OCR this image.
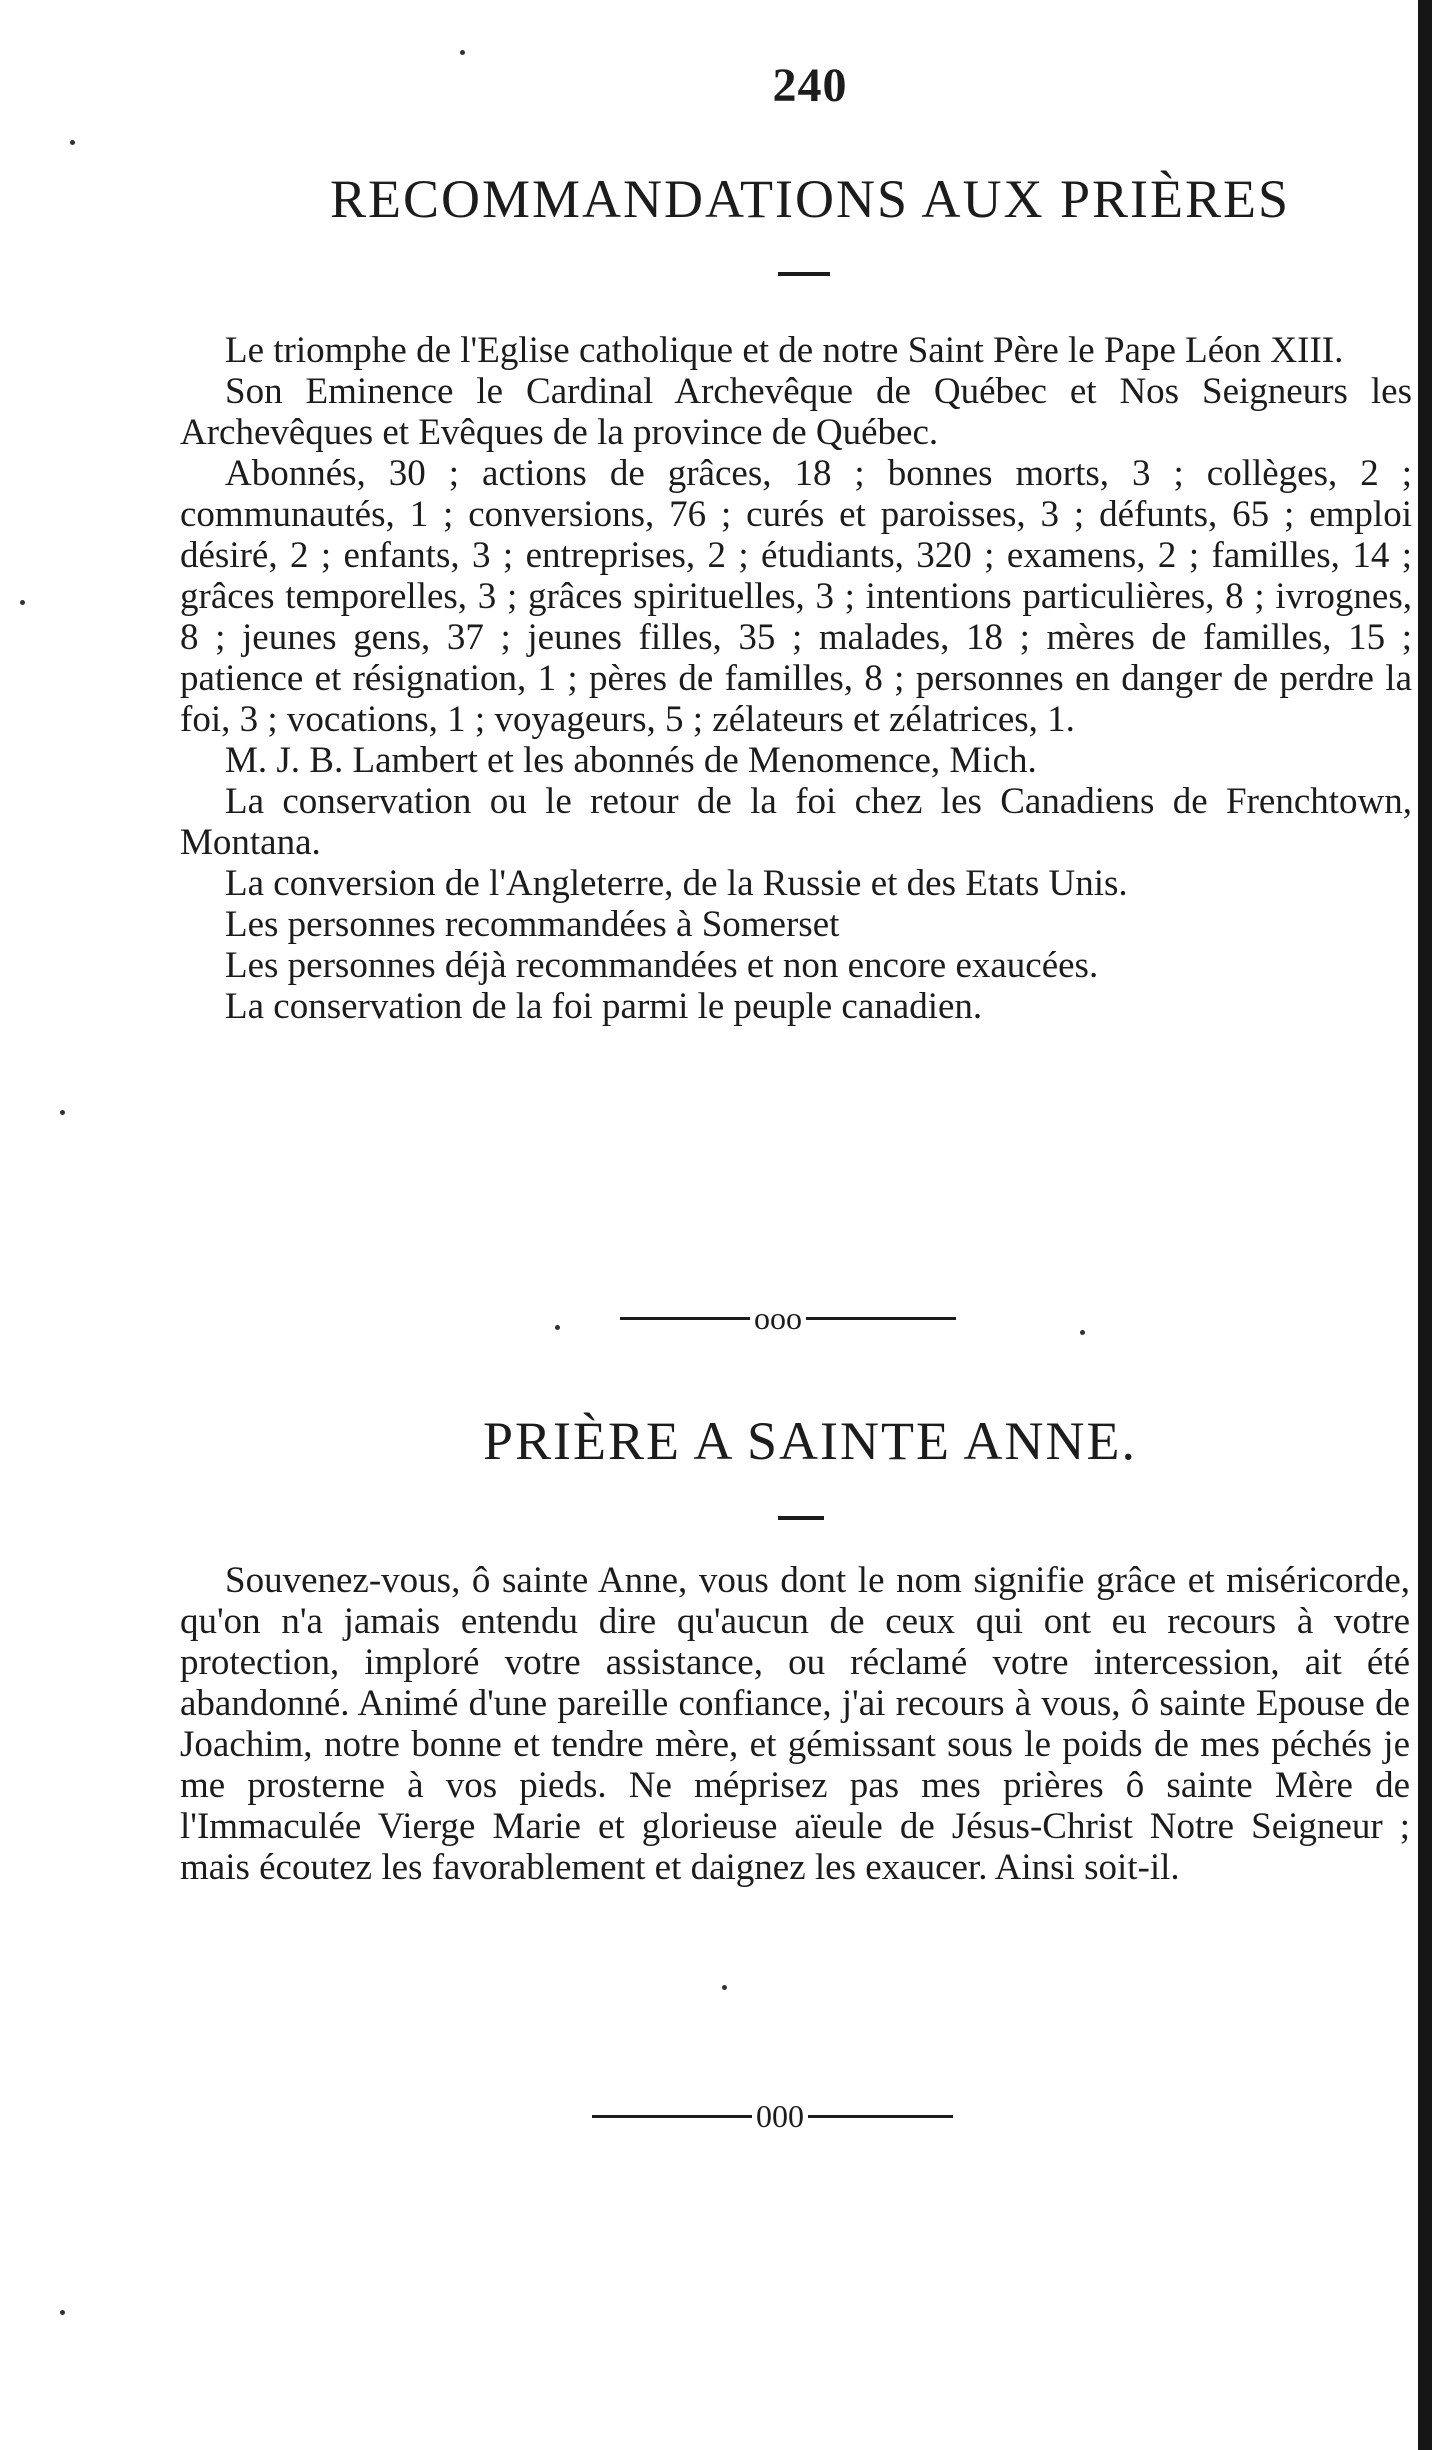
240
RECOMMANDATIONS AUX PRIÈRES

Le triomphe de l'Eglise catholique et de notre Saint Père le Pape Léon XIII.

Son Eminence le Cardinal Archevêque de Québec et Nos Seigneurs les Archevêques et Evêques de la province de Québec.

Abonnés, 30 ; actions de grâces, 18 ; bonnes morts, 3 ; collèges, 2 ; communautés, 1 ; conversions, 76 ; curés et paroisses, 3 ; défunts, 65 ; emploi désiré, 2 ; enfants, 3 ; entreprises, 2 ; étudiants, 320 ; examens, 2 ; familles, 14 ; grâces temporelles, 3 ; grâces spirituelles, 3 ; intentions particulières, 8 ; ivrognes, 8 ; jeunes gens, 37 ; jeunes filles, 35 ; malades, 18 ; mères de familles, 15 ; patience et résignation, 1 ; pères de familles, 8 ; personnes en danger de perdre la foi, 3 ; vocations, 1 ; voyageurs, 5 ; zélateurs et zélatrices, 1.

M. J. B. Lambert et les abonnés de Menomence, Mich.

La conservation ou le retour de la foi chez les Canadiens de Frenchtown, Montana.

La conversion de l'Angleterre, de la Russie et des Etats Unis.

Les personnes recommandées à Somerset

Les personnes déjà recommandées et non encore exaucées.

La conservation de la foi parmi le peuple canadien.

ooo
PRIÈRE A SAINTE ANNE.

Souvenez-vous, ô sainte Anne, vous dont le nom signifie grâce et miséricorde, qu'on n'a jamais entendu dire qu'aucun de ceux qui ont eu recours à votre protection, imploré votre assistance, ou réclamé votre intercession, ait été abandonné. Animé d'une pareille confiance, j'ai recours à vous, ô sainte Epouse de Joachim, notre bonne et tendre mère, et gémissant sous le poids de mes péchés je me prosterne à vos pieds. Ne méprisez pas mes prières ô sainte Mère de l'Immaculée Vierge Marie et glorieuse aïeule de Jésus-Christ Notre Seigneur ; mais écoutez les favorablement et daignez les exaucer. Ainsi soit-il.

000
